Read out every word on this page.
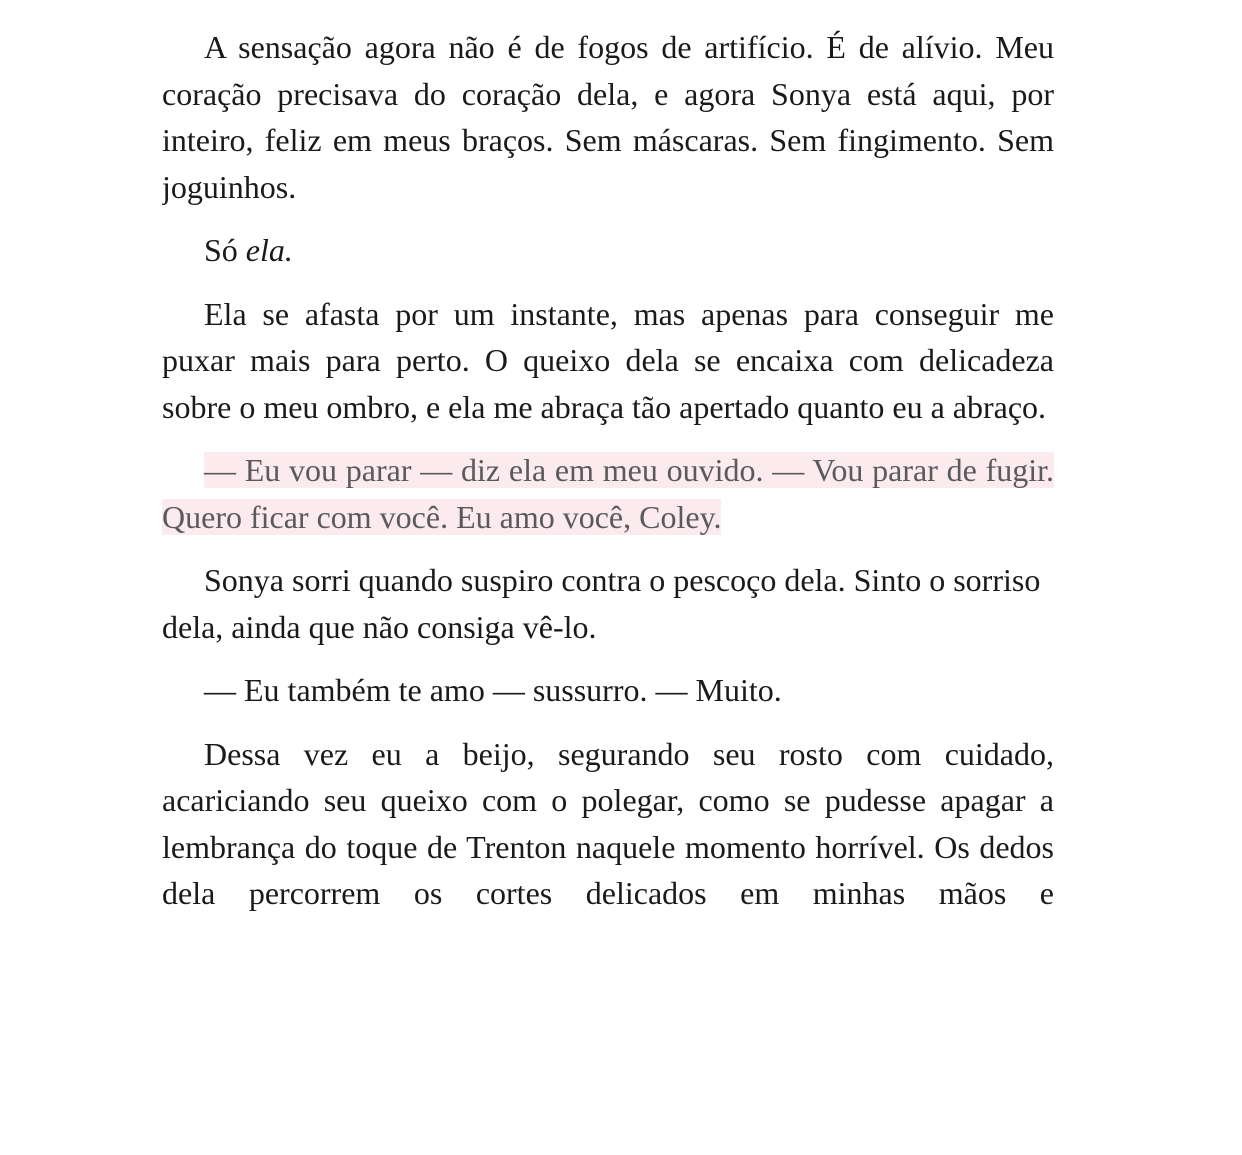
A sensação agora não é de fogos de artifício. É de alívio. Meu coração precisava do coração dela, e agora Sonya está aqui, por inteiro, feliz em meus braços. Sem máscaras. Sem fingimento. Sem joguinhos.

Só ela.

Ela se afasta por um instante, mas apenas para conseguir me puxar mais para perto. O queixo dela se encaixa com delicadeza sobre o meu ombro, e ela me abraça tão apertado quanto eu a abraço.

— Eu vou parar — diz ela em meu ouvido. — Vou parar de fugir. Quero ficar com você. Eu amo você, Coley.

Sonya sorri quando suspiro contra o pescoço dela. Sinto o sorriso dela, ainda que não consiga vê-lo.

— Eu também te amo — sussurro. — Muito.

Dessa vez eu a beijo, segurando seu rosto com cuidado, acariciando seu queixo com o polegar, como se pudesse apagar a lembrança do toque de Trenton naquele momento horrível. Os dedos dela percorrem os cortes delicados em minhas mãos e
